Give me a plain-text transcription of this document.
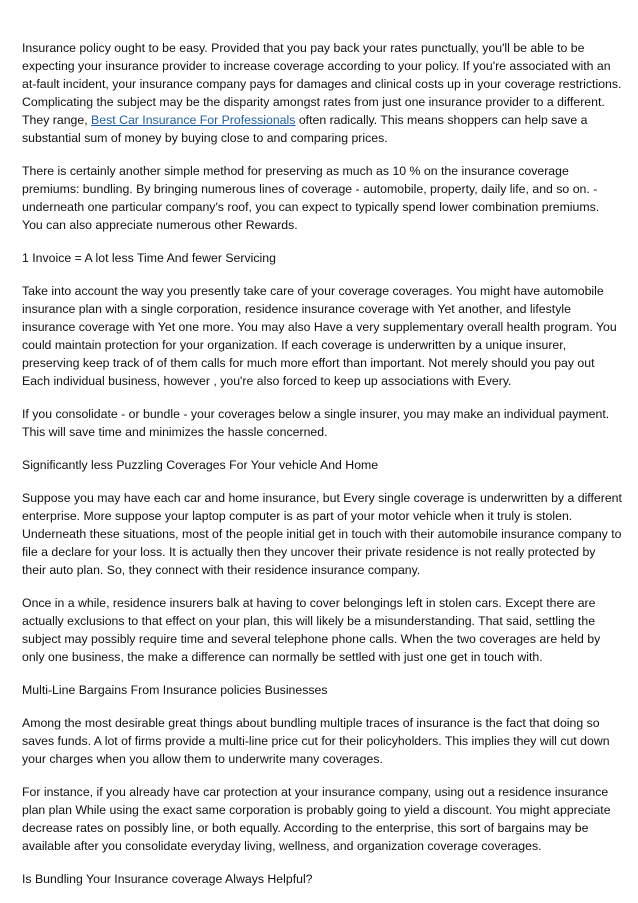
Insurance policy ought to be easy. Provided that you pay back your rates punctually, you'll be able to be expecting your insurance provider to increase coverage according to your policy. If you're associated with an at-fault incident, your insurance company pays for damages and clinical costs up in your coverage restrictions. Complicating the subject may be the disparity amongst rates from just one insurance provider to a different. They range, Best Car Insurance For Professionals often radically. This means shoppers can help save a substantial sum of money by buying close to and comparing prices.

There is certainly another simple method for preserving as much as 10 % on the insurance coverage premiums: bundling. By bringing numerous lines of coverage - automobile, property, daily life, and so on. - underneath one particular company's roof, you can expect to typically spend lower combination premiums. You can also appreciate numerous other Rewards.

1 Invoice = A lot less Time And fewer Servicing

Take into account the way you presently take care of your coverage coverages. You might have automobile insurance plan with a single corporation, residence insurance coverage with Yet another, and lifestyle insurance coverage with Yet one more. You may also Have a very supplementary overall health program. You could maintain protection for your organization. If each coverage is underwritten by a unique insurer, preserving keep track of of them calls for much more effort than important. Not merely should you pay out Each individual business, however , you're also forced to keep up associations with Every.

If you consolidate - or bundle - your coverages below a single insurer, you may make an individual payment. This will save time and minimizes the hassle concerned.

Significantly less Puzzling Coverages For Your vehicle And Home

Suppose you may have each car and home insurance, but Every single coverage is underwritten by a different enterprise. More suppose your laptop computer is as part of your motor vehicle when it truly is stolen. Underneath these situations, most of the people initial get in touch with their automobile insurance company to file a declare for your loss. It is actually then they uncover their private residence is not really protected by their auto plan. So, they connect with their residence insurance company.

Once in a while, residence insurers balk at having to cover belongings left in stolen cars. Except there are actually exclusions to that effect on your plan, this will likely be a misunderstanding. That said, settling the subject may possibly require time and several telephone phone calls. When the two coverages are held by only one business, the make a difference can normally be settled with just one get in touch with.

Multi-Line Bargains From Insurance policies Businesses

Among the most desirable great things about bundling multiple traces of insurance is the fact that doing so saves funds. A lot of firms provide a multi-line price cut for their policyholders. This implies they will cut down your charges when you allow them to underwrite many coverages.

For instance, if you already have car protection at your insurance company, using out a residence insurance plan plan While using the exact same corporation is probably going to yield a discount. You might appreciate decrease rates on possibly line, or both equally. According to the enterprise, this sort of bargains may be available after you consolidate everyday living, wellness, and organization coverage coverages.

Is Bundling Your Insurance coverage Always Helpful?
